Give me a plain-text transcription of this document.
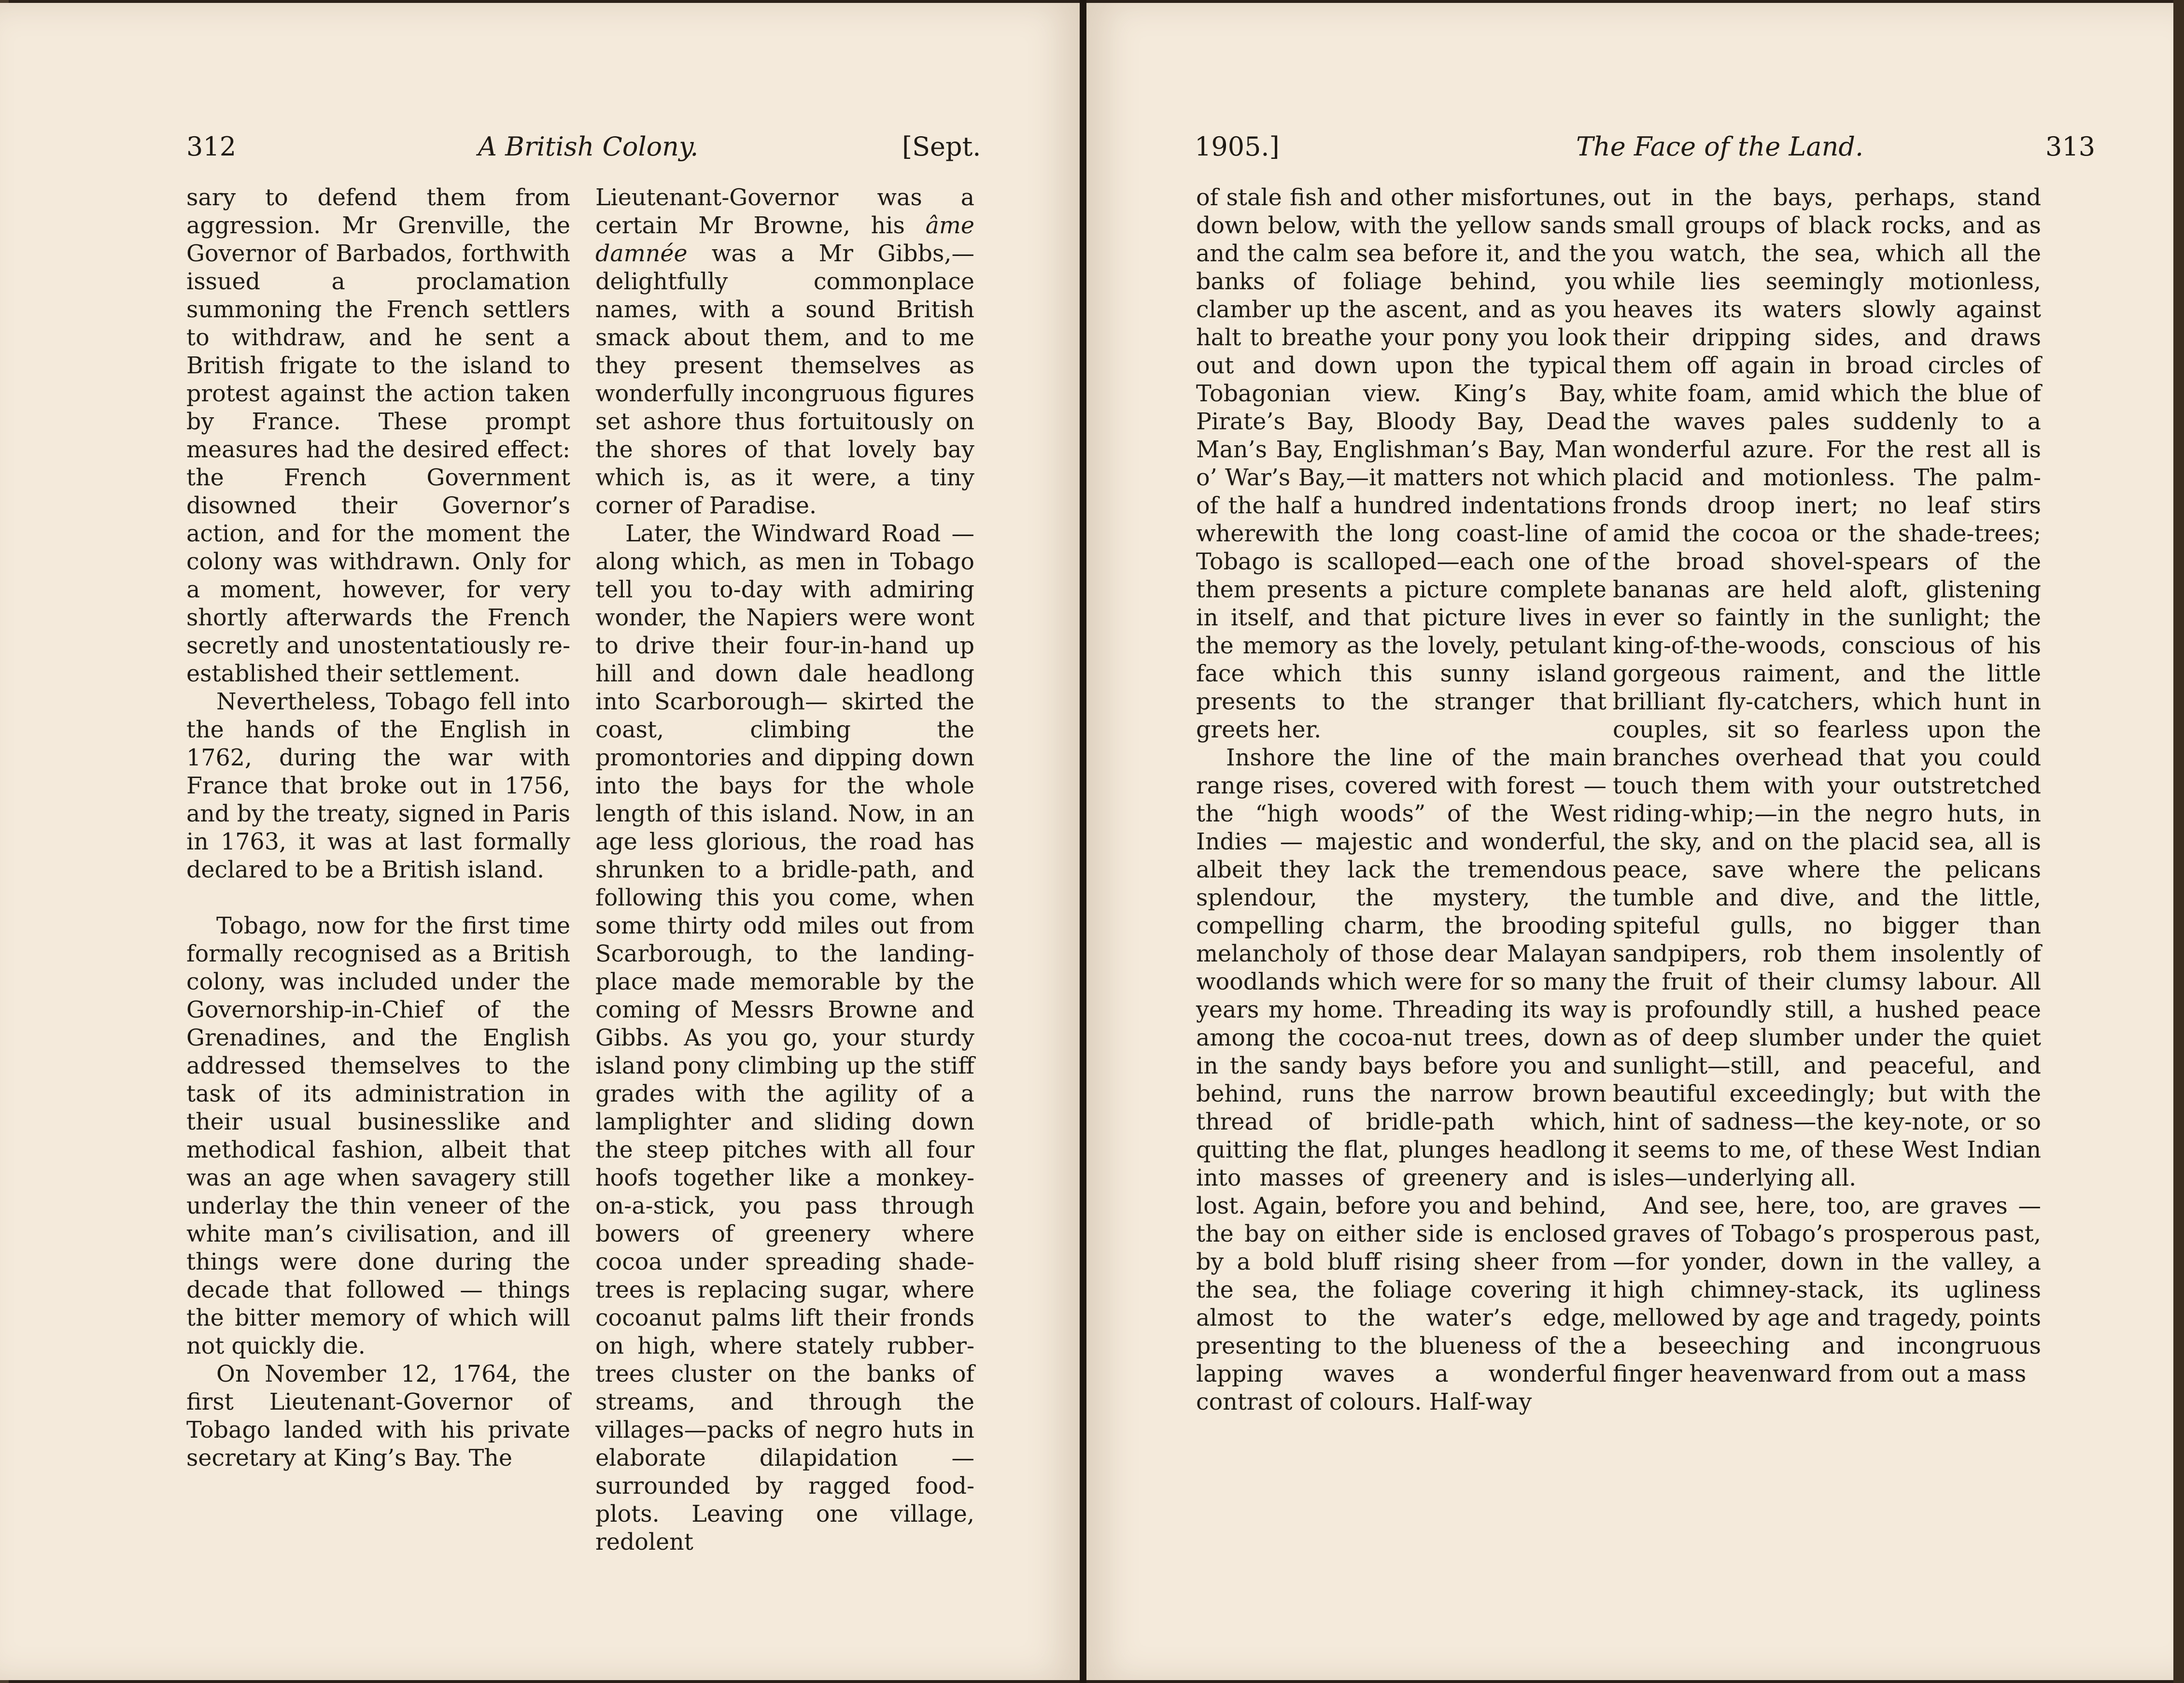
312	A British Colony.	[Sept.

sary to defend them from aggression. Mr Grenville, the Governor of Barbados, forthwith issued a proclamation summoning the French settlers to withdraw, and he sent a British frigate to the island to protest against the action taken by France. These prompt measures had the desired effect: the French Government disowned their Governor’s action, and for the moment the colony was withdrawn. Only for a moment, however, for very shortly afterwards the French secretly and unostentatiously re-established their settlement.

Nevertheless, Tobago fell into the hands of the English in 1762, during the war with France that broke out in 1756, and by the treaty, signed in Paris in 1763, it was at last formally declared to be a British island.

Tobago, now for the first time formally recognised as a British colony, was included under the Governorship-in-Chief of the Grenadines, and the English addressed themselves to the task of its administration in their usual businesslike and methodical fashion, albeit that was an age when savagery still underlay the thin veneer of the white man’s civilisation, and ill things were done during the decade that followed — things the bitter memory of which will not quickly die.

On November 12, 1764, the first Lieutenant-Governor of Tobago landed with his private secretary at King’s Bay. The

Lieutenant-Governor was a certain Mr Browne, his âme damnée was a Mr Gibbs,—delightfully commonplace names, with a sound British smack about them, and to me they present themselves as wonderfully incongruous figures set ashore thus fortuitously on the shores of that lovely bay which is, as it were, a tiny corner of Paradise.

Later, the Windward Road —along which, as men in Tobago tell you to-day with admiring wonder, the Napiers were wont to drive their four-in-hand up hill and down dale headlong into Scarborough— skirted the coast, climbing the promontories and dipping down into the bays for the whole length of this island. Now, in an age less glorious, the road has shrunken to a bridle-path, and following this you come, when some thirty odd miles out from Scarborough, to the landing-place made memorable by the coming of Messrs Browne and Gibbs. As you go, your sturdy island pony climbing up the stiff grades with the agility of a lamplighter and sliding down the steep pitches with all four hoofs together like a monkey-on-a-stick, you pass through bowers of greenery where cocoa under spreading shade-trees is replacing sugar, where cocoanut palms lift their fronds on high, where stately rubber-trees cluster on the banks of streams, and through the villages—packs of negro huts in elaborate dilapidation — surrounded by ragged food-plots. Leaving one village, redolent

1905.]	The Face of the Land.	313

of stale fish and other misfortunes, down below, with the yellow sands and the calm sea before it, and the banks of foliage behind, you clamber up the ascent, and as you halt to breathe your pony you look out and down upon the typical Tobagonian view. King’s Bay, Pirate’s Bay, Bloody Bay, Dead Man’s Bay, Englishman’s Bay, Man o’ War’s Bay,—it matters not which of the half a hundred indentations wherewith the long coast-line of Tobago is scalloped—each one of them presents a picture complete in itself, and that picture lives in the memory as the lovely, petulant face which this sunny island presents to the stranger that greets her.

Inshore the line of the main range rises, covered with forest —the “high woods” of the West Indies — majestic and wonderful, albeit they lack the tremendous splendour, the mystery, the compelling charm, the brooding melancholy of those dear Malayan woodlands which were for so many years my home. Threading its way among the cocoa-nut trees, down in the sandy bays before you and behind, runs the narrow brown thread of bridle-path which, quitting the flat, plunges headlong into masses of greenery and is lost. Again, before you and behind, the bay on either side is enclosed by a bold bluff rising sheer from the sea, the foliage covering it almost to the water’s edge, presenting to the blueness of the lapping waves a wonderful contrast of colours. Half-way

out in the bays, perhaps, stand small groups of black rocks, and as you watch, the sea, which all the while lies seemingly motionless, heaves its waters slowly against their dripping sides, and draws them off again in broad circles of white foam, amid which the blue of the waves pales suddenly to a wonderful azure. For the rest all is placid and motionless. The palm-fronds droop inert; no leaf stirs amid the cocoa or the shade-trees; the broad shovel-spears of the bananas are held aloft, glistening ever so faintly in the sunlight; the king-of-the-woods, conscious of his gorgeous raiment, and the little brilliant fly-catchers, which hunt in couples, sit so fearless upon the branches overhead that you could touch them with your outstretched riding-whip;—in the negro huts, in the sky, and on the placid sea, all is peace, save where the pelicans tumble and dive, and the little, spiteful gulls, no bigger than sandpipers, rob them insolently of the fruit of their clumsy labour. All is profoundly still, a hushed peace as of deep slumber under the quiet sunlight—still, and peaceful, and beautiful exceedingly; but with the hint of sadness—the key-note, or so it seems to me, of these West Indian isles—underlying all.

And see, here, too, are graves —graves of Tobago’s prosperous past,—for yonder, down in the valley, a high chimney-stack, its ugliness mellowed by age and tragedy, points a beseeching and incongruous finger heavenward from out a mass
